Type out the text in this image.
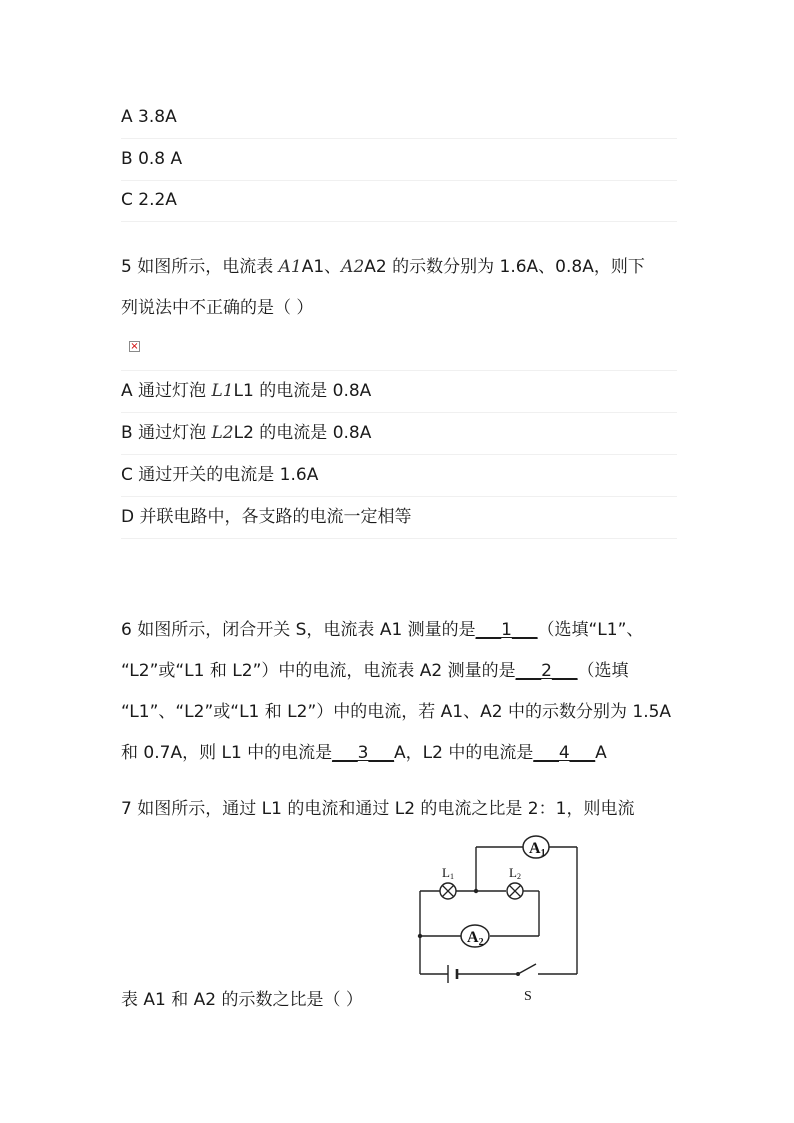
A 3.8A
B 0.8 A
C 2.2A
5 如图所示，电流表 A1A1、A2A2 的示数分别为 1.6A、0.8A，则下
列说法中不正确的是（ ）
×
A 通过灯泡 L1L1 的电流是 0.8A
B 通过灯泡 L2L2 的电流是 0.8A
C 通过开关的电流是 1.6A
D 并联电路中，各支路的电流一定相等
6 如图所示，闭合开关 S，电流表 A1 测量的是___1___（选填“L1”、
“L2”或“L1 和 L2”）中的电流，电流表 A2 测量的是___2___（选填
“L1”、“L2”或“L1 和 L2”）中的电流，若 A1、A2 中的示数分别为 1.5A
和 0.7A，则 L1 中的电流是___3___A，L2 中的电流是___4___A
7 如图所示，通过 L1 的电流和通过 L2 的电流之比是 2：1，则电流
A1
A2
L1	L2
S
表 A1 和 A2 的示数之比是（ ）
